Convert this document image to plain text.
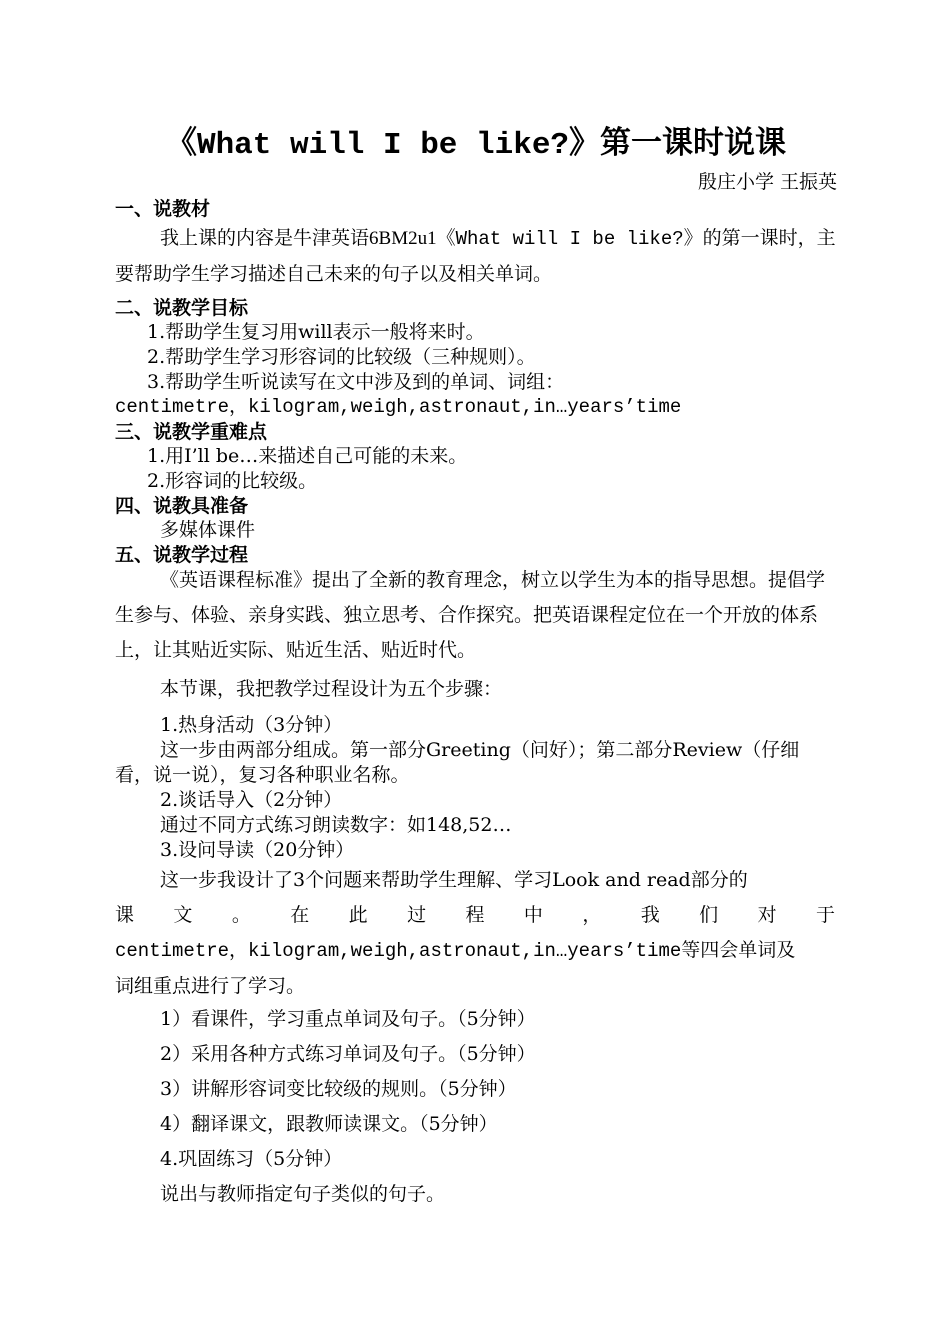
《What will I be like?》第一课时说课

殷庄小学 王振英

一、说教材

我上课的内容是牛津英语6BM2u1《What will I be like?》的第一课时，主要帮助学生学习描述自己未来的句子以及相关单词。

二、说教学目标

1.帮助学生复习用will表示一般将来时。

2.帮助学生学习形容词的比较级（三种规则）。

3.帮助学生听说读写在文中涉及到的单词、词组：

centimetre，kilogram,weigh,astronaut,in…years’time

三、说教学重难点

1.用I’ll be…来描述自己可能的未来。

2.形容词的比较级。

四、说教具准备

多媒体课件

五、说教学过程

《英语课程标准》提出了全新的教育理念，树立以学生为本的指导思想。提倡学生参与、体验、亲身实践、独立思考、合作探究。把英语课程定位在一个开放的体系上，让其贴近实际、贴近生活、贴近时代。

本节课，我把教学过程设计为五个步骤：

1.热身活动（3分钟）

这一步由两部分组成。第一部分Greeting（问好）；第二部分Review（仔细看，说一说），复习各种职业名称。

2.谈话导入（2分钟）

通过不同方式练习朗读数字：如148,52…

3.设问导读（20分钟）

这一步我设计了3个问题来帮助学生理解、学习Look and read部分的

课文。在此过程中，我们对于

centimetre，kilogram,weigh,astronaut,in…years’time等四会单词及

词组重点进行了学习。

1）看课件，学习重点单词及句子。（5分钟）

2）采用各种方式练习单词及句子。（5分钟）

3）讲解形容词变比较级的规则。（5分钟）

4）翻译课文，跟教师读课文。（5分钟）

4.巩固练习（5分钟）

说出与教师指定句子类似的句子。
